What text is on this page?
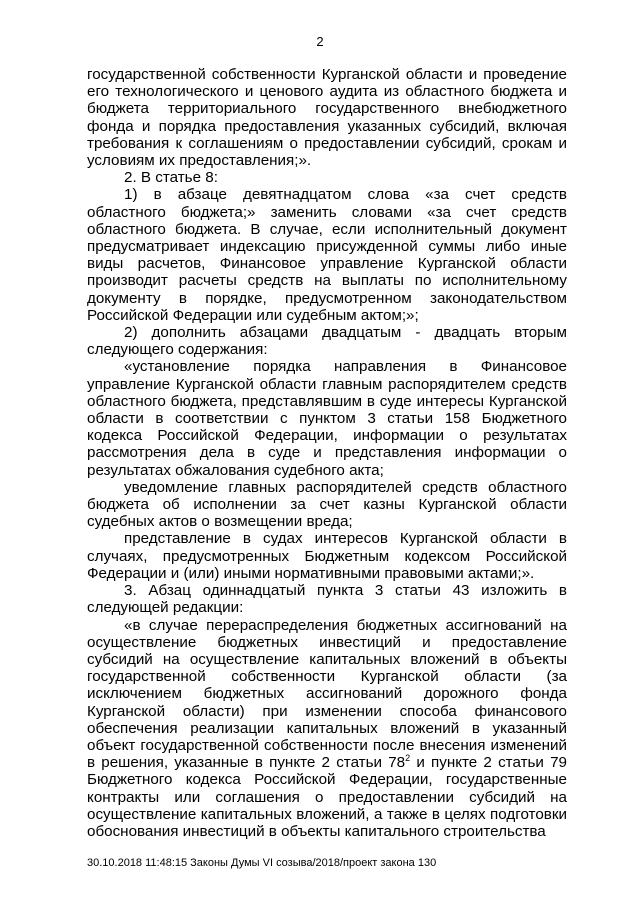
2

государственной собственности Курганской области и проведение его технологического и ценового аудита из областного бюджета и бюджета территориального государственного внебюджетного фонда и порядка предоставления указанных субсидий, включая требования к соглашениям о предоставлении субсидий, срокам и условиям их предоставления;».

2. В статье 8:

1) в абзаце девятнадцатом слова «за счет средств областного бюджета;» заменить словами «за счет средств областного бюджета. В случае, если исполнительный документ предусматривает индексацию присужденной суммы либо иные виды расчетов, Финансовое управление Курганской области производит расчеты средств на выплаты по исполнительному документу в порядке, предусмотренном законодательством Российской Федерации или судебным актом;»;

2) дополнить абзацами двадцатым - двадцать вторым следующего содержания:

«установление порядка направления в Финансовое управление Курганской области главным распорядителем средств областного бюджета, представлявшим в суде интересы Курганской области в соответствии с пунктом 3 статьи 158 Бюджетного кодекса Российской Федерации, информации о результатах рассмотрения дела в суде и представления информации о результатах обжалования судебного акта;

уведомление главных распорядителей средств областного бюджета об исполнении за счет казны Курганской области судебных актов о возмещении вреда;

представление в судах интересов Курганской области в случаях, предусмотренных Бюджетным кодексом Российской Федерации и (или) иными нормативными правовыми актами;».

3. Абзац одиннадцатый пункта 3 статьи 43 изложить в следующей редакции:

«в случае перераспределения бюджетных ассигнований на осуществление бюджетных инвестиций и предоставление субсидий на осуществление капитальных вложений в объекты государственной собственности Курганской области (за исключением бюджетных ассигнований дорожного фонда Курганской области) при изменении способа финансового обеспечения реализации капитальных вложений в указанный объект государственной собственности после внесения изменений в решения, указанные в пункте 2 статьи $78^2$ и пункте 2 статьи 79 Бюджетного кодекса Российской Федерации, государственные контракты или соглашения о предоставлении субсидий на осуществление капитальных вложений, а также в целях подготовки обоснования инвестиций в объекты капитального строительства

30.10.2018 11:48:15 Законы Думы VI созыва/2018/проект закона 130
